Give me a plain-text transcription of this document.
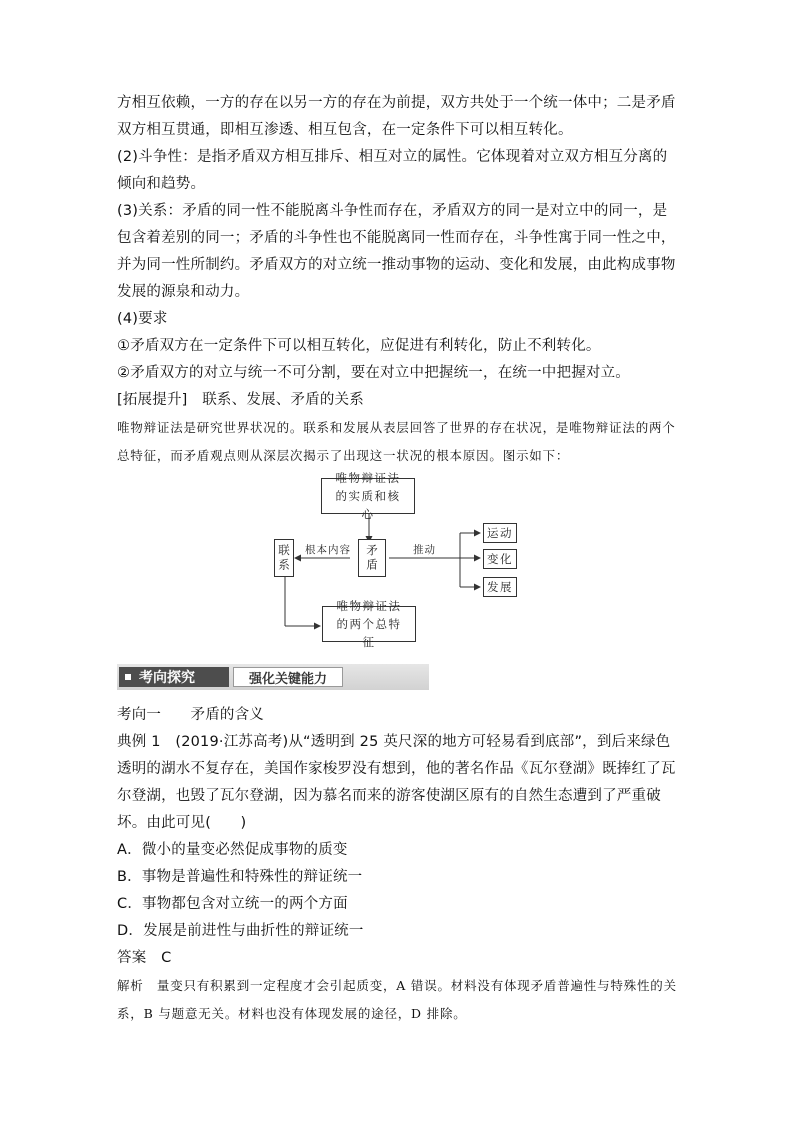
方相互依赖，一方的存在以另一方的存在为前提，双方共处于一个统一体中；二是矛盾双方相互贯通，即相互渗透、相互包含，在一定条件下可以相互转化。

(2)斗争性：是指矛盾双方相互排斥、相互对立的属性。它体现着对立双方相互分离的倾向和趋势。

(3)关系：矛盾的同一性不能脱离斗争性而存在，矛盾双方的同一是对立中的同一，是包含着差别的同一；矛盾的斗争性也不能脱离同一性而存在，斗争性寓于同一性之中，并为同一性所制约。矛盾双方的对立统一推动事物的运动、变化和发展，由此构成事物发展的源泉和动力。

(4)要求

①矛盾双方在一定条件下可以相互转化，应促进有利转化，防止不利转化。

②矛盾双方的对立与统一不可分割，要在对立中把握统一，在统一中把握对立。

[拓展提升]　联系、发展、矛盾的关系

唯物辩证法是研究世界状况的。联系和发展从表层回答了世界的存在状况，是唯物辩证法的两个总特征，而矛盾观点则从深层次揭示了出现这一状况的根本原因。图示如下：

唯物辩证法的实质和核心
联系	矛盾
根本内容	推动
运动
变化
发展
唯物辩证法的两个总特征
考向探究	强化关键能力

考向一　　矛盾的含义

典例 1　(2019·江苏高考)从“透明到 25 英尺深的地方可轻易看到底部”，到后来绿色透明的湖水不复存在，美国作家梭罗没有想到，他的著名作品《瓦尔登湖》既捧红了瓦尔登湖，也毁了瓦尔登湖，因为慕名而来的游客使湖区原有的自然生态遭到了严重破坏。由此可见(　　)

A．微小的量变必然促成事物的质变

B．事物是普遍性和特殊性的辩证统一

C．事物都包含对立统一的两个方面

D．发展是前进性与曲折性的辩证统一

答案　C

解析　量变只有积累到一定程度才会引起质变，A 错误。材料没有体现矛盾普遍性与特殊性的关系，B 与题意无关。材料也没有体现发展的途径，D 排除。
